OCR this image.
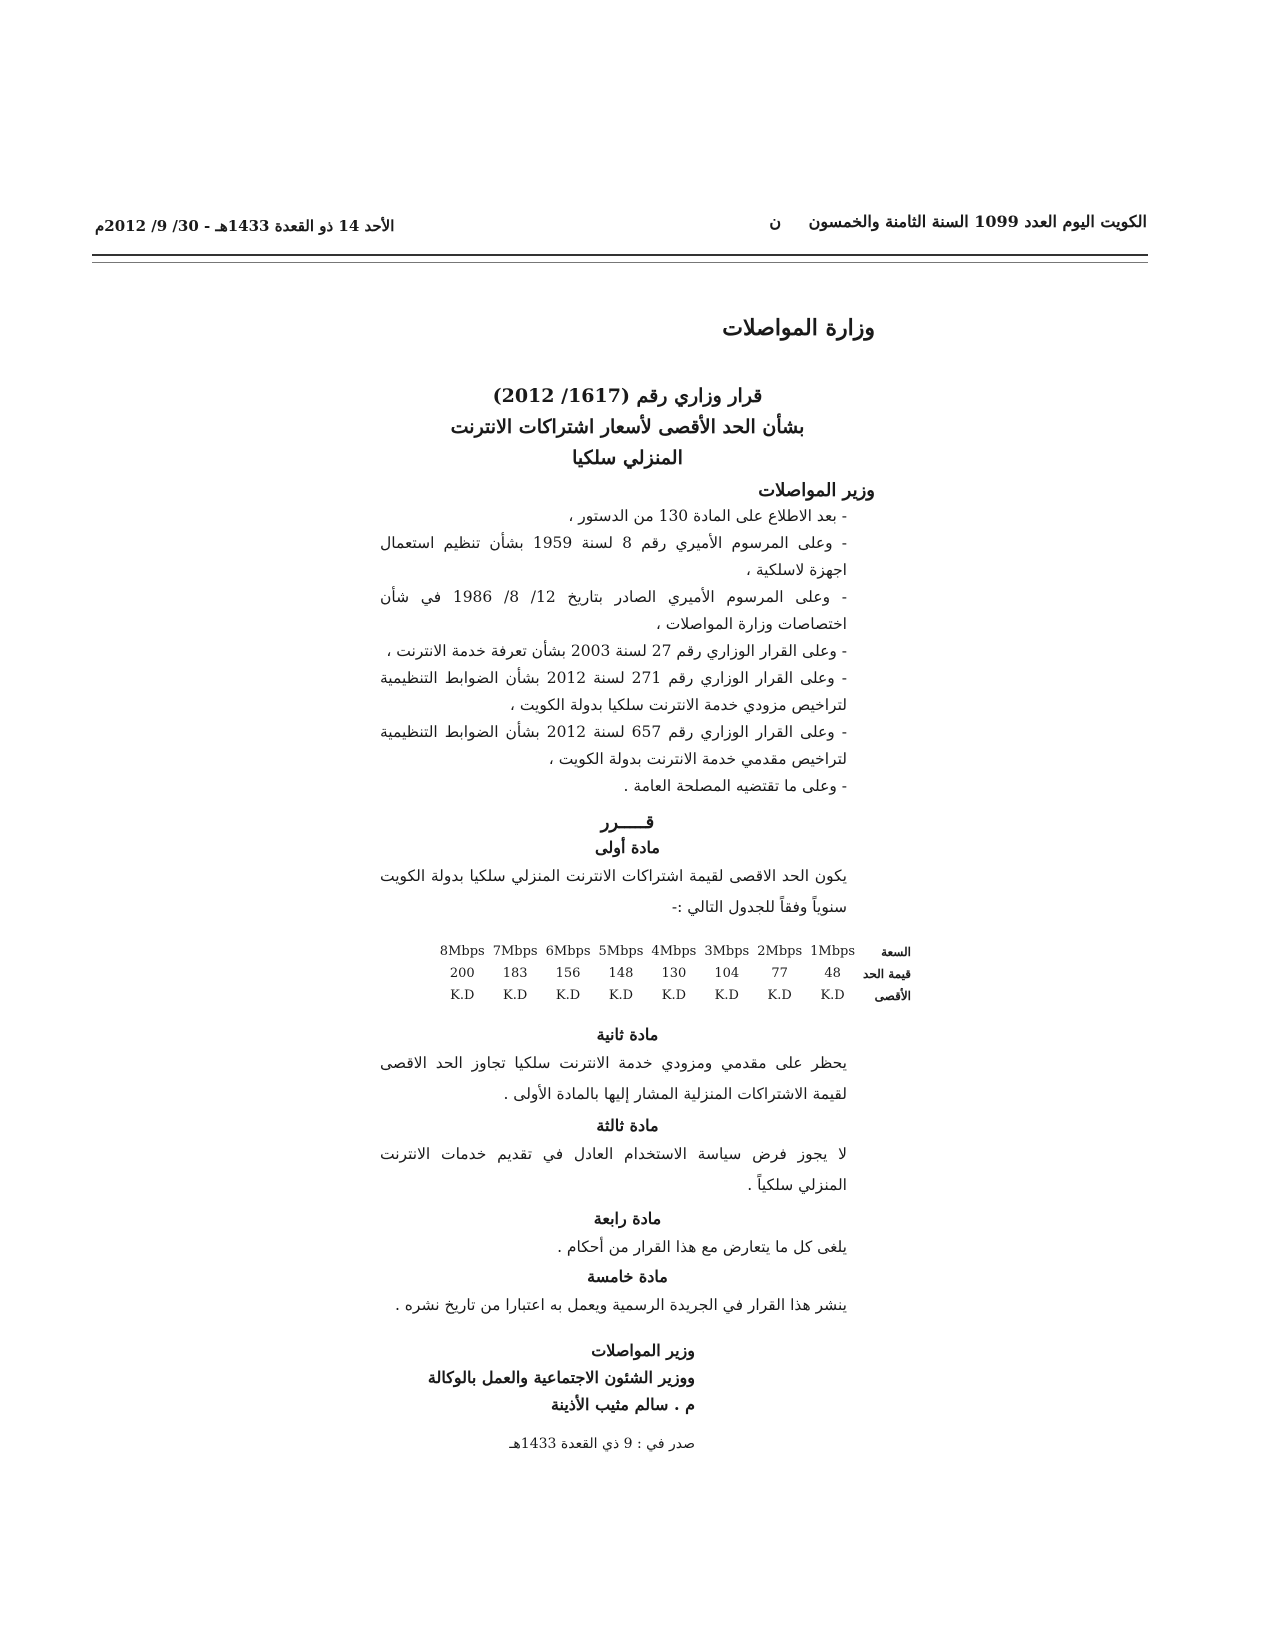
الكويت اليوم العدد 1099 السنة الثامنة والخمسون ن
الأحد 14 ذو القعدة 1433هـ - 30/ 9/ 2012م
وزارة المواصلات

قرار وزاري رقم (1617/ 2012)

بشأن الحد الأقصى لأسعار اشتراكات الانترنت

المنزلي سلكيا

وزير المواصلات

- بعد الاطلاع على المادة 130 من الدستور ،

- وعلى المرسوم الأميري رقم 8 لسنة 1959 بشأن تنظيم استعمال اجهزة لاسلكية ،

- وعلى المرسوم الأميري الصادر بتاريخ 12/ 8/ 1986 في شأن اختصاصات وزارة المواصلات ،

- وعلى القرار الوزاري رقم 27 لسنة 2003 بشأن تعرفة خدمة الانترنت ،

- وعلى القرار الوزاري رقم 271 لسنة 2012 بشأن الضوابط التنظيمية لتراخيص مزودي خدمة الانترنت سلكيا بدولة الكويت ،

- وعلى القرار الوزاري رقم 657 لسنة 2012 بشأن الضوابط التنظيمية لتراخيص مقدمي خدمة الانترنت بدولة الكويت ،

- وعلى ما تقتضيه المصلحة العامة .

قـــــرر
مادة أولى

يكون الحد الاقصى لقيمة اشتراكات الانترنت المنزلي سلكيا بدولة الكويت سنوياً وفقاً للجدول التالي :-

السعة	1Mbps	2Mbps	3Mbps	4Mbps	5Mbps	6Mbps	7Mbps	8Mbps
قيمة الحد	48	77	104	130	148	156	183	200
الأقصى	K.D	K.D	K.D	K.D	K.D	K.D	K.D	K.D
مادة ثانية

يحظر على مقدمي ومزودي خدمة الانترنت سلكيا تجاوز الحد الاقصى لقيمة الاشتراكات المنزلية المشار إليها بالمادة الأولى .

مادة ثالثة

لا يجوز فرض سياسة الاستخدام العادل في تقديم خدمات الانترنت المنزلي سلكياً .

مادة رابعة

يلغى كل ما يتعارض مع هذا القرار من أحكام .

مادة خامسة

ينشر هذا القرار في الجريدة الرسمية ويعمل به اعتبارا من تاريخ نشره .

وزير المواصلات

ووزير الشئون الاجتماعية والعمل بالوكالة

م . سالم مثيب الأذينة

صدر في : 9 ذي القعدة 1433هـ
